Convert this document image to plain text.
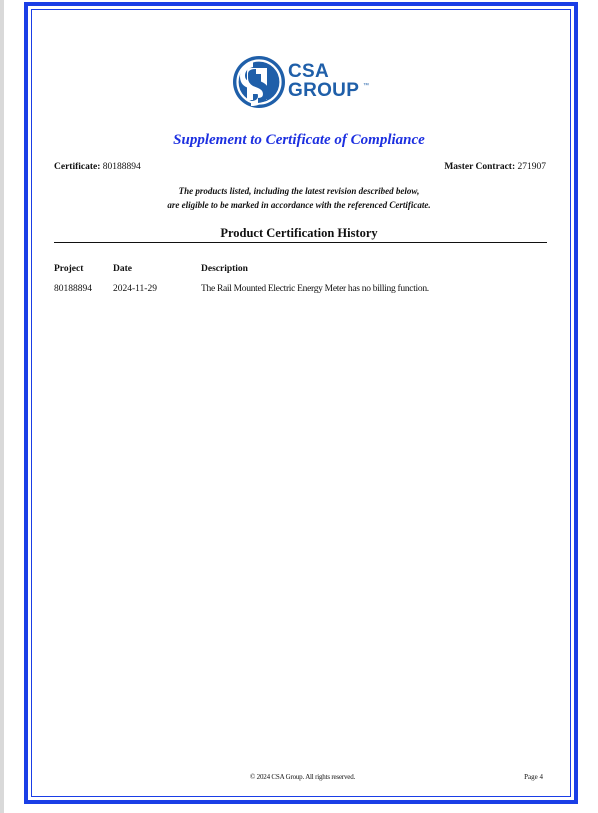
CSA
GROUP ™
Supplement to Certificate of Compliance
Certificate: 80188894	Master Contract: 271907
The products listed, including the latest revision described below,
are eligible to be marked in accordance with the referenced Certificate.
Product Certification History
Project	Date	Description
80188894 2024-11-29	The Rail Mounted Electric Energy Meter has no billing function.
© 2024 CSA Group. All rights reserved.	Page 4
